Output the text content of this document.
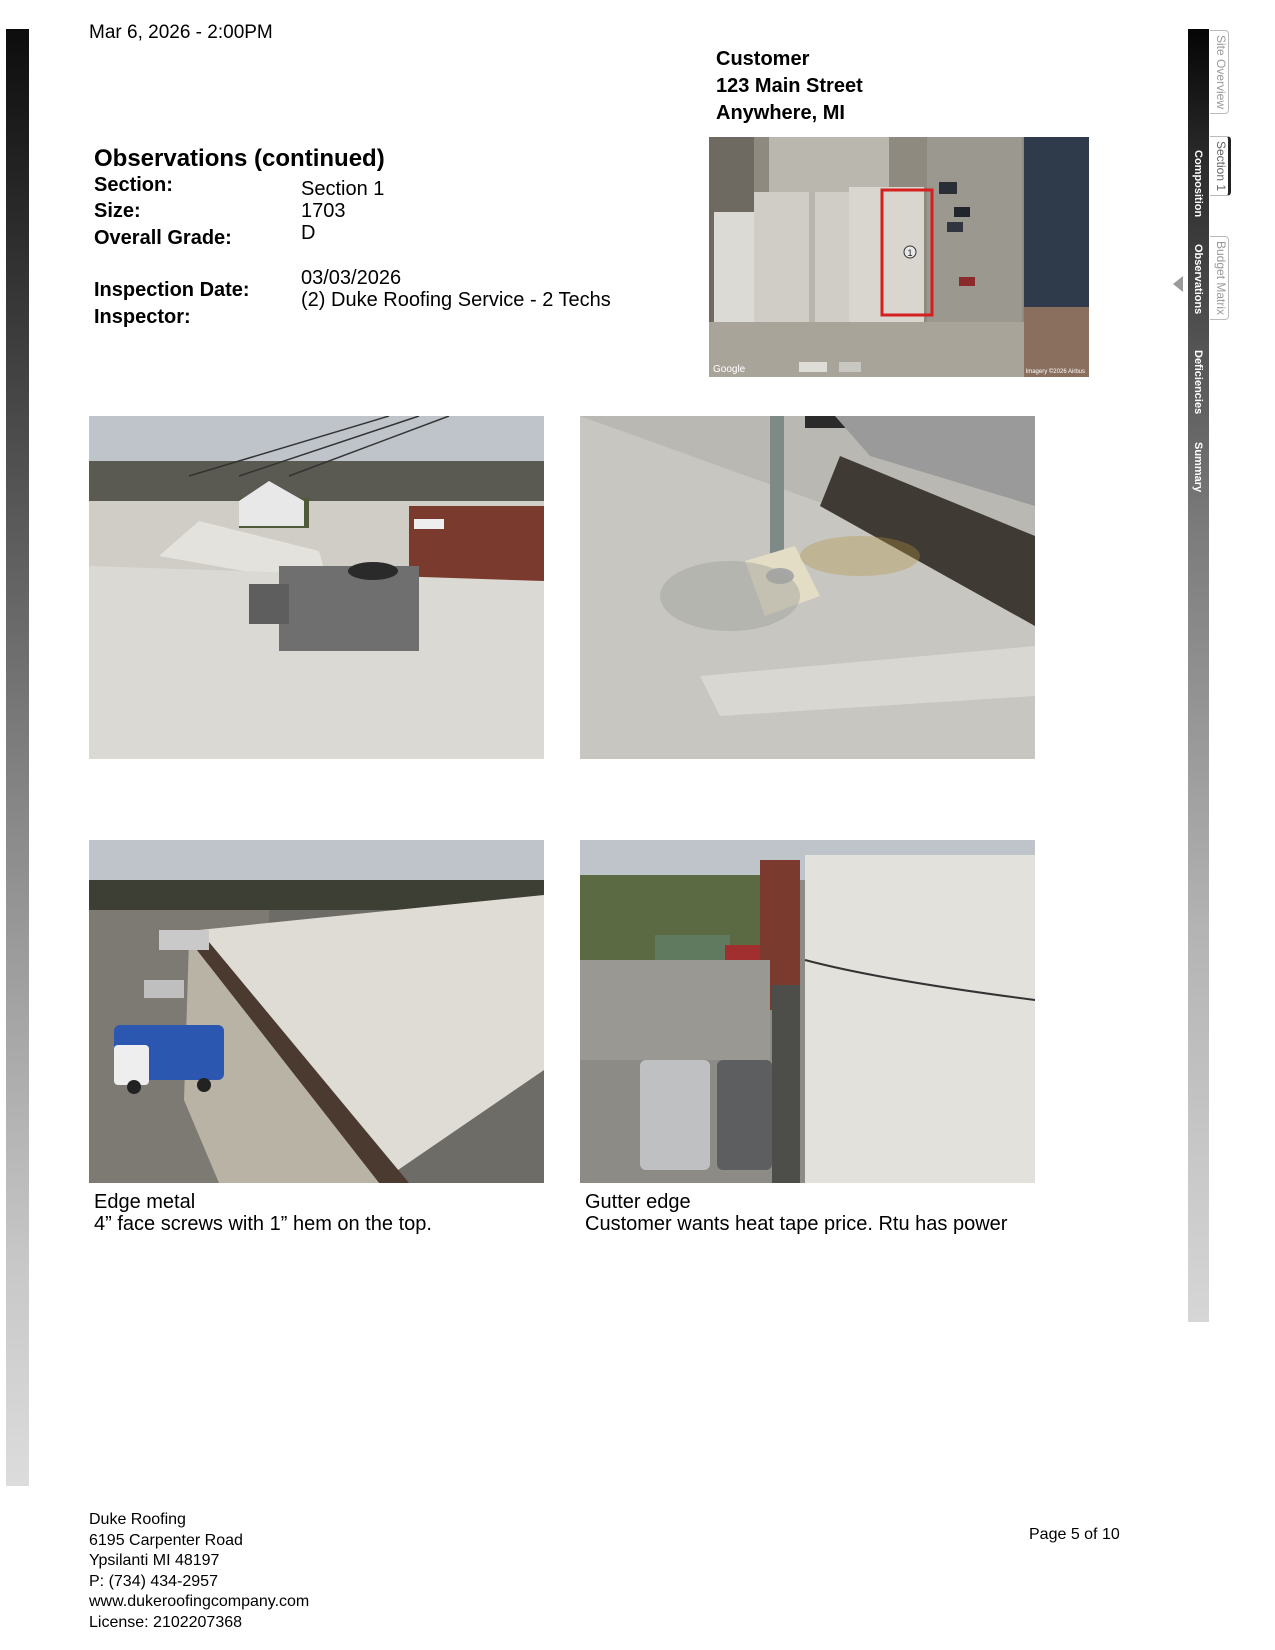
Mar 6, 2026 - 2:00PM
Customer
123 Main Street
Anywhere, MI
Observations (continued)
Section:	Section 1
Size:	1703
Overall Grade:	D
Inspection Date:
03/03/2026
Inspector:
(2) Duke Roofing Service - 2 Techs
1
Google	Imagery ©2026 Airbus
Edge metal
4” face screws with 1” hem on the top.
Gutter edge
Customer wants heat tape price. Rtu has power
Duke Roofing
6195 Carpenter Road
Ypsilanti MI 48197
P: (734) 434-2957
www.dukeroofingcompany.com
License: 2102207368
Page 5 of 10
Composition
Observations
Deficiencies
Summary
Site Overview
Section 1
Budget Matrix
